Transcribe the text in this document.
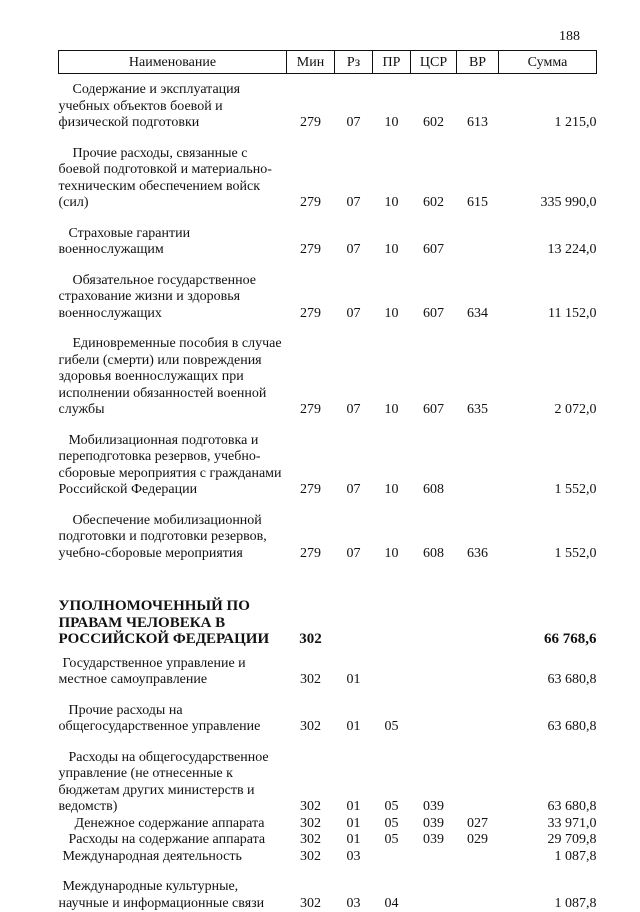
188
Наименование	Мин	Рз	ПР	ЦСР	ВР	Сумма

Содержание и эксплуатация
учебных объектов боевой и
физической подготовки	279	07	10	602	613	1 215,0

Прочие расходы, связанные с
боевой подготовкой и материально-
техническим обеспечением войск
(сил)	279	07	10	602	615	335 990,0

Страховые гарантии
военнослужащим	279	07	10	607		13 224,0

Обязательное государственное
страхование жизни и здоровья
военнослужащих	279	07	10	607	634	11 152,0

Единовременные пособия в случае
гибели (смерти) или повреждения
здоровья военнослужащих при
исполнении обязанностей военной
службы	279	07	10	607	635	2 072,0

Мобилизационная подготовка и
переподготовка резервов, учебно-
сборовые мероприятия с гражданами
Российской Федерации	279	07	10	608		1 552,0

Обеспечение мобилизационной
подготовки и подготовки резервов,
учебно-сборовые мероприятия	279	07	10	608	636	1 552,0

УПОЛНОМОЧЕННЫЙ ПО
ПРАВАМ ЧЕЛОВЕКА В
РОССИЙСКОЙ ФЕДЕРАЦИИ	302					66 768,6

Государственное управление и
местное самоуправление	302	01				63 680,8

Прочие расходы на
общегосударственное управление	302	01	05			63 680,8

Расходы на общегосударственное
управление (не отнесенные к
бюджетам других министерств и
ведомств)	302	01	05	039		63 680,8

Денежное содержание аппарата	302	01	05	039	027	33 971,0

Расходы на содержание аппарата	302	01	05	039	029	29 709,8

Международная деятельность	302	03				1 087,8

Международные культурные,
научные и информационные связи	302	03	04			1 087,8
